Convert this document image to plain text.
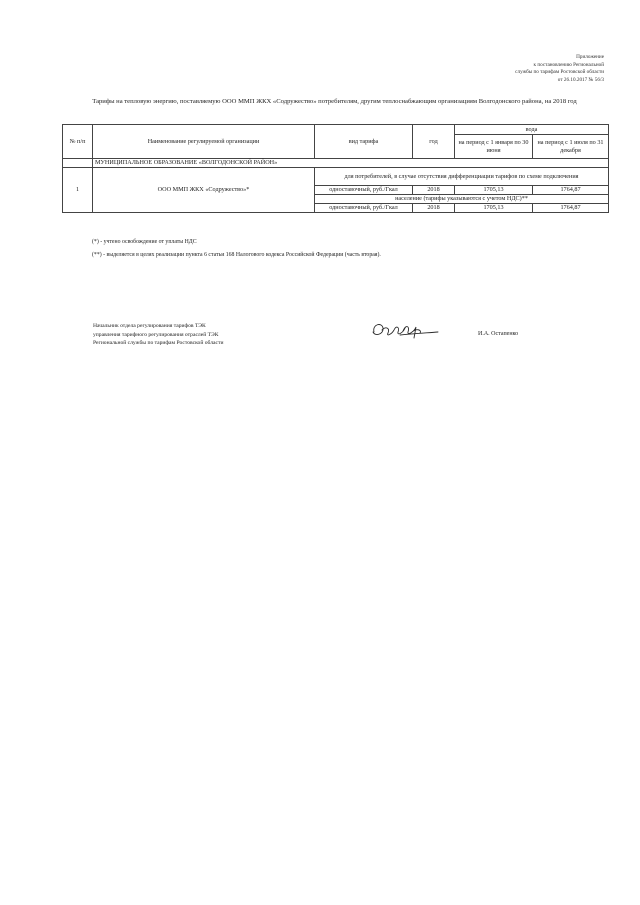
Приложение
к постановлению Региональной
службы по тарифам Ростовской области
от 26.10.2017 № 56/3
Тарифы на тепловую энергию, поставляемую ООО ММП ЖКХ «Содружество» потребителям, другим теплоснабжающим организациям Волгодонского района, на 2018 год
№ п/п	Наименование регулируемой организации	вид тарифа	год	вода	
				на период с 1 января по 30 июня	на период с 1 июля по 31 декабря
	МУНИЦИПАЛЬНОЕ ОБРАЗОВАНИЕ «ВОЛГОДОНСКОЙ РАЙОН»				
1	ООО ММП ЖКХ «Содружество»*	для потребителей, в случае отсутствия дифференциации тарифов по схеме подключения			
		одноставочный, руб./Гкал	2018	1705,13	1764,87
		население (тарифы указываются с учетом НДС)**			
		одноставочный, руб./Гкал	2018	1705,13	1764,87
(*) - учтено освобождение от уплаты НДС
(**) - выделяется в целях реализации пункта 6 статьи 168 Налогового кодекса Российской Федерации (часть вторая).
Начальник отдела регулирования тарифов ТЭК
управления тарифного регулирования отраслей ТЭК
Региональной службы по тарифам Ростовской области
И.А. Остапенко
